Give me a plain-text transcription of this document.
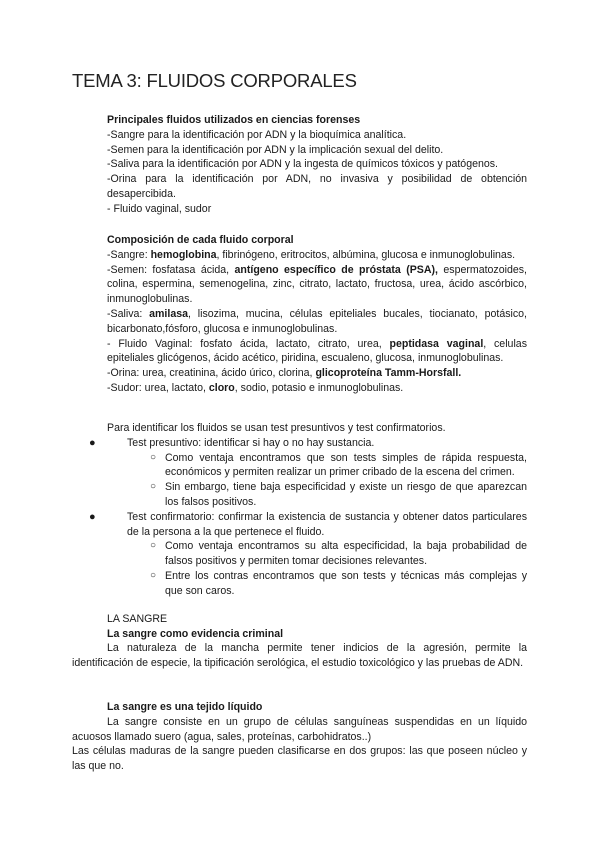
TEMA 3: FLUIDOS CORPORALES

Principales fluidos utilizados en ciencias forenses

-Sangre para la identificación por ADN y la bioquímica analítica.

-Semen para la identificación por ADN y la implicación sexual del delito.

-Saliva para la identificación por ADN y la ingesta de químicos tóxicos y patógenos.

-Orina para la identificación por ADN, no invasiva y posibilidad de obtención desapercibida.

- Fluido vaginal, sudor

Composición de cada fluido corporal

-Sangre: hemoglobina, fibrinógeno, eritrocitos, albúmina, glucosa e inmunoglobulinas.

-Semen: fosfatasa ácida, antígeno específico de próstata (PSA), espermatozoides, colina, espermina, semenogelina, zinc, citrato, lactato, fructosa, urea, ácido ascórbico, inmunoglobulinas.

-Saliva: amilasa, lisozima, mucina, células epiteliales bucales, tiocianato, potásico, bicarbonato,fósforo, glucosa e inmunoglobulinas.

- Fluido Vaginal: fosfato ácida, lactato, citrato, urea, peptidasa vaginal, celulas epiteliales glicógenos, ácido acético, piridina, escualeno, glucosa, inmunoglobulinas.

-Orina: urea, creatinina, ácido úrico, clorina, glicoproteína Tamm-Horsfall.

-Sudor: urea, lactato, cloro, sodio, potasio e inmunoglobulinas.

Para identificar los fluidos se usan test presuntivos y test confirmatorios.

●	Test presuntivo: identificar si hay o no hay sustancia.
○ Como ventaja encontramos que son tests simples de rápida respuesta, económicos y permiten realizar un primer cribado de la escena del crimen.
○ Sin embargo, tiene baja especificidad y existe un riesgo de que aparezcan los falsos positivos.
●	Test confirmatorio: confirmar la existencia de sustancia y obtener datos particulares de la persona a la que pertenece el fluido.
○ Como ventaja encontramos su alta especificidad, la baja probabilidad de falsos positivos y permiten tomar decisiones relevantes.
○ Entre los contras encontramos que son tests y técnicas más complejas y que son caros.

LA SANGRE

La sangre como evidencia criminal

La naturaleza de la mancha permite tener indicios de la agresión, permite la identificación de especie, la tipificación serológica, el estudio toxicológico y las pruebas de ADN.

La sangre es una tejido líquido

La sangre consiste en un grupo de células sanguíneas suspendidas en un líquido acuosos llamado suero (agua, sales, proteínas, carbohidratos..)
Las células maduras de la sangre pueden clasificarse en dos grupos: las que poseen núcleo y las que no.
